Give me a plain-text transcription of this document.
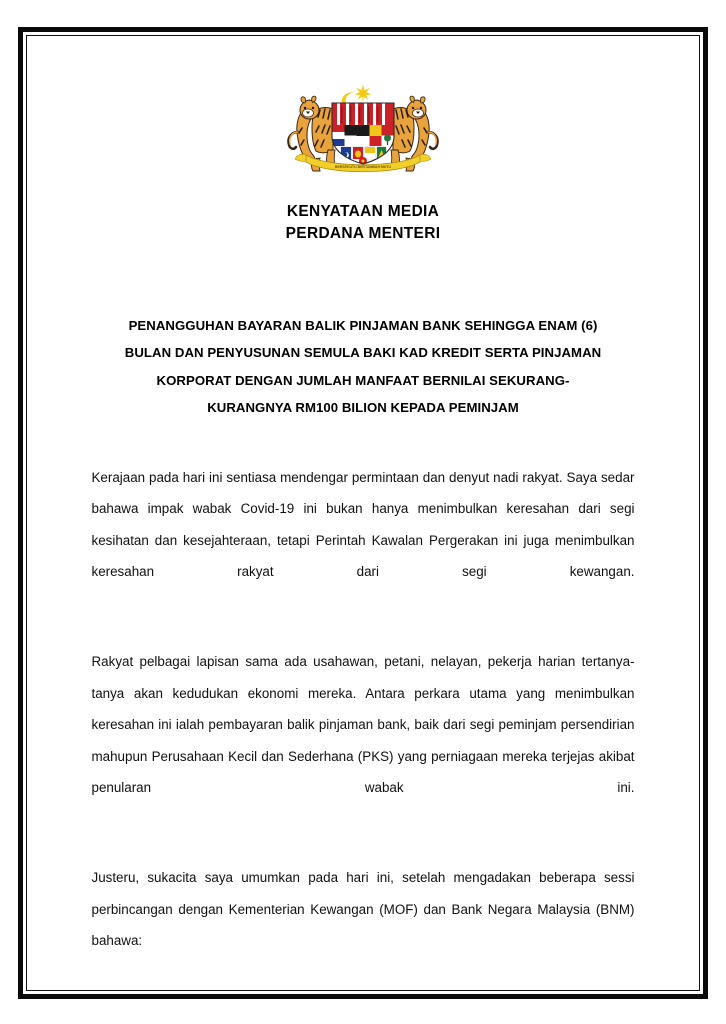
BERSEKUTU BERTAMBAH MUTU
KENYATAAN MEDIA
PERDANA MENTERI
PENANGGUHAN BAYARAN BALIK PINJAMAN BANK SEHINGGA ENAM (6)
BULAN DAN PENYUSUNAN SEMULA BAKI KAD KREDIT SERTA PINJAMAN
KORPORAT DENGAN JUMLAH MANFAAT BERNILAI SEKURANG-
KURANGNYA RM100 BILION KEPADA PEMINJAM

Kerajaan pada hari ini sentiasa mendengar permintaan dan denyut nadi rakyat. Saya sedar bahawa impak wabak Covid-19 ini bukan hanya menimbulkan keresahan dari segi kesihatan dan kesejahteraan, tetapi Perintah Kawalan Pergerakan ini juga menimbulkan keresahan rakyat dari segi kewangan.

Rakyat pelbagai lapisan sama ada usahawan, petani, nelayan, pekerja harian tertanya-tanya akan kedudukan ekonomi mereka. Antara perkara utama yang menimbulkan keresahan ini ialah pembayaran balik pinjaman bank, baik dari segi peminjam persendirian mahupun Perusahaan Kecil dan Sederhana (PKS) yang perniagaan mereka terjejas akibat penularan wabak ini.

Justeru, sukacita saya umumkan pada hari ini, setelah mengadakan beberapa sessi perbincangan dengan Kementerian Kewangan (MOF) dan Bank Negara Malaysia (BNM) bahawa:
